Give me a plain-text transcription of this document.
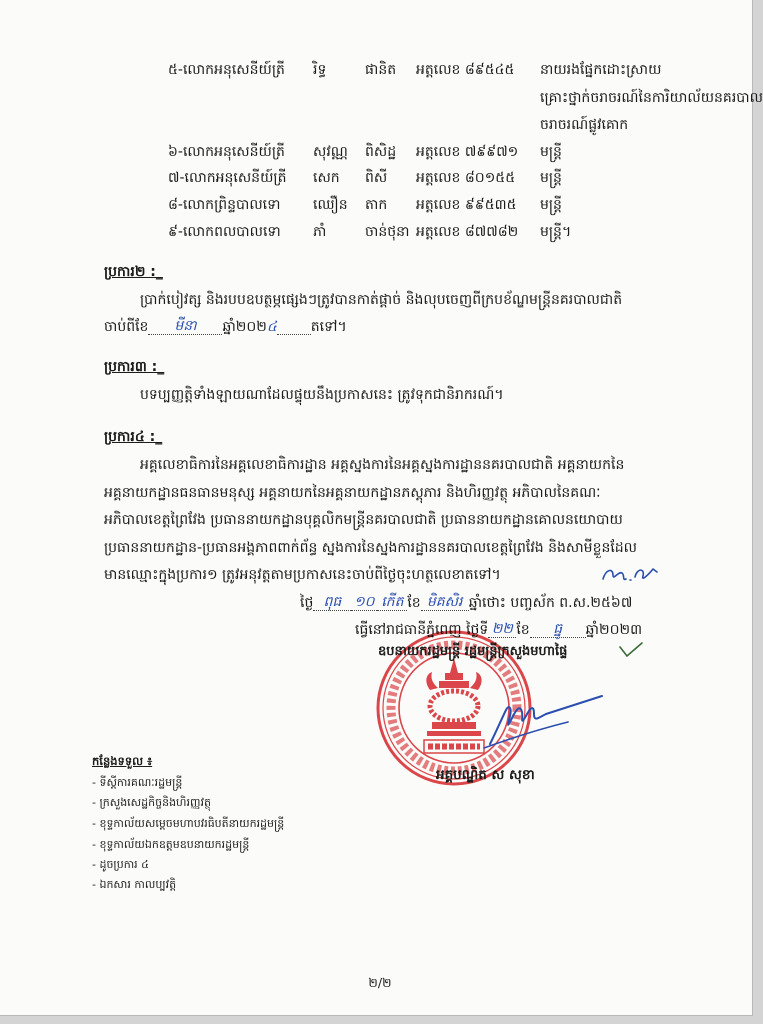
៥-លោកអនុសេនីយ៍ត្រី	រិទ្ធ	ផានិត	អត្តលេខ ៨៩៥៤៥	នាយរងផ្នែកដោះស្រាយ
គ្រោះថ្នាក់ចរាចរណ៍នៃការិយាល័យនគរបាល
ចរាចរណ៍ផ្លូវគោក
៦-លោកអនុសេនីយ៍ត្រី	សុវណ្ណ	ពិសិដ្ឋ	អត្តលេខ ៧៩៩៧១	មន្ត្រី
៧-លោកអនុសេនីយ៍ត្រី	សេក	ពិសី	អត្តលេខ ៨០១៥៥	មន្ត្រី
៨-លោកព្រិន្ទបាលទោ	ឈឿន	តាក	អត្តលេខ ៩៩៥៣៥	មន្ត្រី
៩-លោកពលបាលទោ	ភាំ	ចាន់ថុនា អត្តលេខ ៨៧៧៨២	មន្ត្រី។
ប្រការ២ :_
ប្រាក់បៀវត្ស និងរបបឧបត្ថម្ភផ្សេងៗត្រូវបានកាត់ផ្តាច់ និងលុបចេញពីក្របខ័ណ្ឌមន្ត្រីនគរបាលជាតិ
ចាប់ពីខែ មីនា ឆ្នាំ២០២៤ តទៅ។
ប្រការ៣ :_
បទប្បញ្ញត្តិទាំងឡាយណាដែលផ្ទុយនឹងប្រកាសនេះ ត្រូវទុកជានិរាករណ៍។
ប្រការ៤ :_
អគ្គលេខាធិការនៃអគ្គលេខាធិការដ្ឋាន អគ្គស្នងការនៃអគ្គស្នងការដ្ឋាននគរបាលជាតិ អគ្គនាយកនៃ
អគ្គនាយកដ្ឋានធនធានមនុស្ស អគ្គនាយកនៃអគ្គនាយកដ្ឋានភស្តុភារ និងហិរញ្ញវត្ថុ អភិបាលនៃគណៈ
អភិបាលខេត្តព្រៃវែង ប្រធាននាយកដ្ឋានបុគ្គលិកមន្ត្រីនគរបាលជាតិ ប្រធាននាយកដ្ឋានគោលនយោបាយ
ប្រធាននាយកដ្ឋាន-ប្រធានអង្គភាពពាក់ព័ន្ធ ស្នងការនៃស្នងការដ្ឋាននគរបាលខេត្តព្រៃវែង និងសាមីខ្លួនដែល
មានឈ្មោះក្នុងប្រការ១ ត្រូវអនុវត្តតាមប្រកាសនេះចាប់ពីថ្ងៃចុះហត្ថលេខាតទៅ។
ថ្ងៃ ពុធ ១០ កើត ខែ មិគសិរ ឆ្នាំថោះ បញ្ចស័ក ព.ស.២៥៦៧
ធ្វើនៅរាជធានីភ្នំពេញ ថ្ងៃទី ២២ ខែ ធ្នូ ឆ្នាំ២០២៣
ឧបនាយករដ្ឋមន្ត្រី រដ្ឋមន្ត្រីក្រសួងមហាផ្ទៃ
អគ្គបណ្ឌិត ស សុខា
កន្លែងទទួល ៖
- ទីស្តីការគណៈរដ្ឋមន្ត្រី
- ក្រសួងសេដ្ឋកិច្ចនិងហិរញ្ញវត្ថុ
- ខុទ្ទកាល័យសម្តេចមហាបវរធិបតីនាយករដ្ឋមន្ត្រី
- ខុទ្ទកាល័យឯកឧត្តមឧបនាយករដ្ឋមន្ត្រី
- ដូចប្រការ ៤
- ឯកសារ កាលប្បវត្តិ
២/២
